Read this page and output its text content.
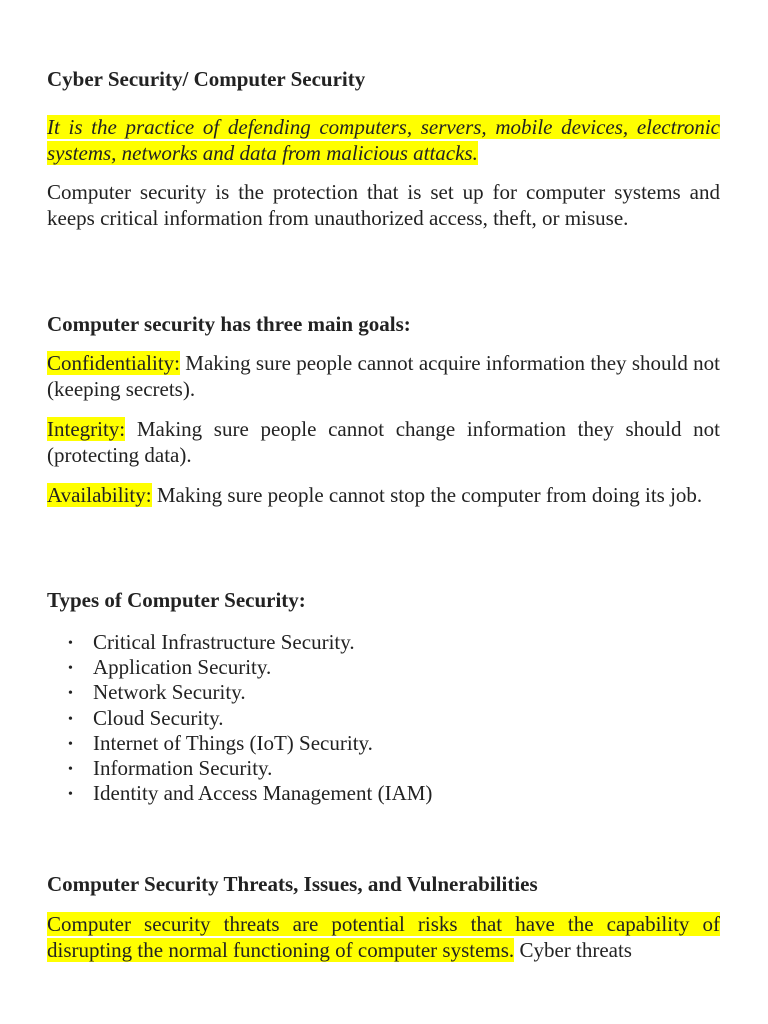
Cyber Security/ Computer Security

It is the practice of defending computers, servers, mobile devices, electronic systems, networks and data from malicious attacks.

Computer security is the protection that is set up for computer systems and keeps critical information from unauthorized access, theft, or misuse.

Computer security has three main goals:

Confidentiality: Making sure people cannot acquire information they should not (keeping secrets).

Integrity: Making sure people cannot change information they should not (protecting data).

Availability: Making sure people cannot stop the computer from doing its job.

Types of Computer Security:
• Critical Infrastructure Security.
• Application Security.
• Network Security.
• Cloud Security.
• Internet of Things (IoT) Security.
• Information Security.
• Identity and Access Management (IAM)
Computer Security Threats, Issues, and Vulnerabilities

Computer security threats are potential risks that have the capability of disrupting the normal functioning of computer systems. Cyber threats
